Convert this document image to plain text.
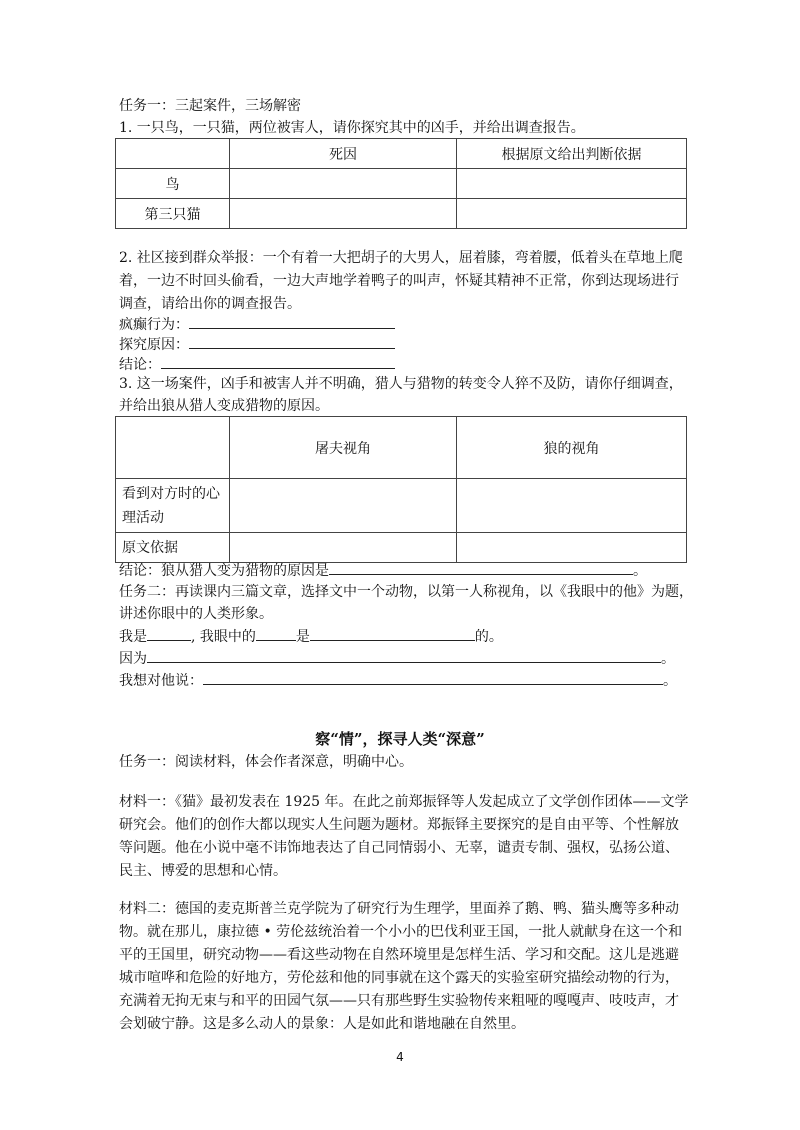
任务一：三起案件，三场解密
1. 一只鸟，一只猫，两位被害人，请你探究其中的凶手，并给出调查报告。
	死因	根据原文给出判断依据
鸟		
第三只猫		
2. 社区接到群众举报：一个有着一大把胡子的大男人，屈着膝，弯着腰，低着头在草地上爬
着，一边不时回头偷看，一边大声地学着鸭子的叫声，怀疑其精神不正常，你到达现场进行
调查，请给出你的调查报告。
疯癫行为：
探究原因：
结论：
3. 这一场案件，凶手和被害人并不明确，猎人与猎物的转变令人猝不及防，请你仔细调查，
并给出狼从猎人变成猎物的原因。
	屠夫视角	狼的视角
看到对方时的心理活动		
原文依据		
结论：狼从猎人变为猎物的原因是	。
任务二：再读课内三篇文章，选择文中一个动物，以第一人称视角，以《我眼中的他》为题，
讲述你眼中的人类形象。
我是	, 我眼中的	是	的。
因为	。
我想对他说：	。
察“情”，探寻人类“深意”
任务一：阅读材料，体会作者深意，明确中心。
材料一：《猫》最初发表在 1925 年。在此之前郑振铎等人发起成立了文学创作团体——文学
研究会。他们的创作大都以现实人生问题为题材。郑振铎主要探究的是自由平等、个性解放
等问题。他在小说中毫不讳饰地表达了自己同情弱小、无辜，谴责专制、强权，弘扬公道、
民主、博爱的思想和心情。
材料二：德国的麦克斯普兰克学院为了研究行为生理学，里面养了鹅、鸭、猫头鹰等多种动
物。就在那儿，康拉德 • 劳伦兹统治着一个小小的巴伐利亚王国，一批人就献身在这一个和
平的王国里，研究动物——看这些动物在自然环境里是怎样生活、学习和交配。这儿是逃避
城市喧哗和危险的好地方，劳伦兹和他的同事就在这个露天的实验室研究描绘动物的行为，
充满着无拘无束与和平的田园气氛——只有那些野生实验物传来粗哑的嘎嘎声、吱吱声，才
会划破宁静。这是多么动人的景象：人是如此和谐地融在自然里。
4
